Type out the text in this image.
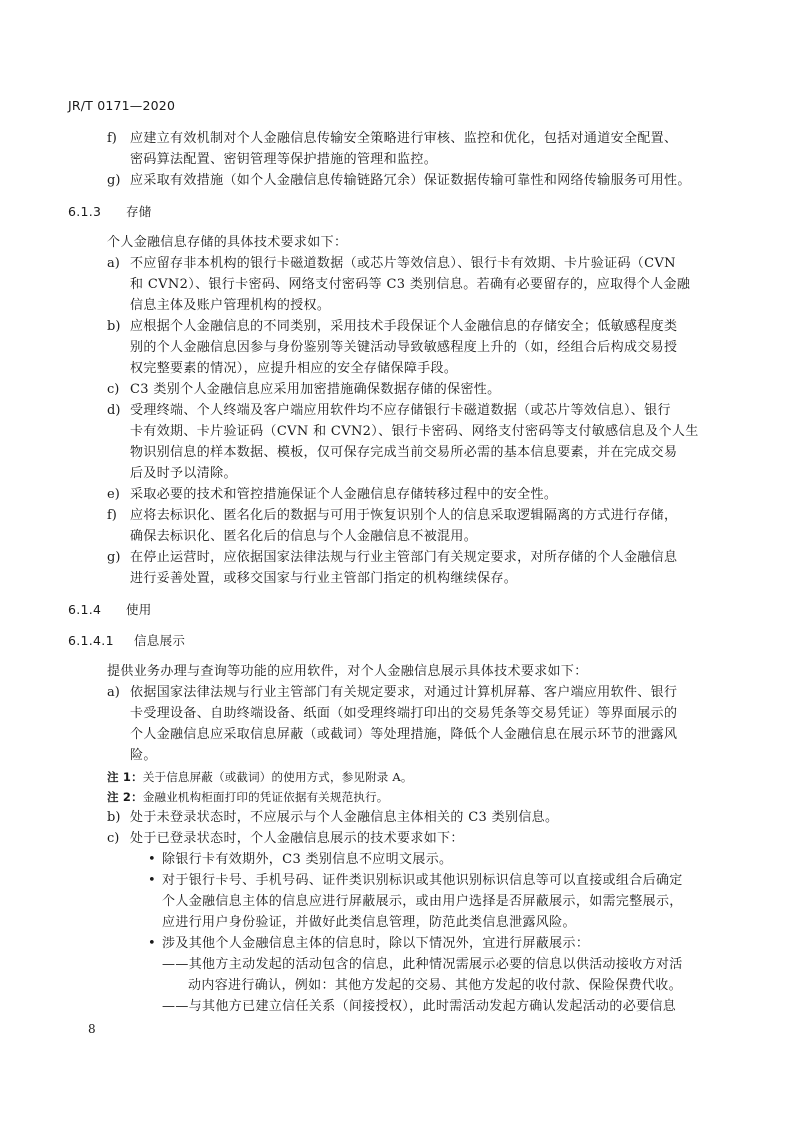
JR/T 0171—2020
f) 应建立有效机制对个人金融信息传输安全策略进行审核、监控和优化，包括对通道安全配置、
密码算法配置、密钥管理等保护措施的管理和监控。
g) 应采取有效措施（如个人金融信息传输链路冗余）保证数据传输可靠性和网络传输服务可用性。
6.1.3 存储
个人金融信息存储的具体技术要求如下：
a) 不应留存非本机构的银行卡磁道数据（或芯片等效信息）、银行卡有效期、卡片验证码（CVN
和 CVN2）、银行卡密码、网络支付密码等 C3 类别信息。若确有必要留存的，应取得个人金融
信息主体及账户管理机构的授权。
b) 应根据个人金融信息的不同类别，采用技术手段保证个人金融信息的存储安全；低敏感程度类
别的个人金融信息因参与身份鉴别等关键活动导致敏感程度上升的（如，经组合后构成交易授
权完整要素的情况），应提升相应的安全存储保障手段。
c) C3 类别个人金融信息应采用加密措施确保数据存储的保密性。
d) 受理终端、个人终端及客户端应用软件均不应存储银行卡磁道数据（或芯片等效信息）、银行
卡有效期、卡片验证码（CVN 和 CVN2）、银行卡密码、网络支付密码等支付敏感信息及个人生
物识别信息的样本数据、模板，仅可保存完成当前交易所必需的基本信息要素，并在完成交易
后及时予以清除。
e) 采取必要的技术和管控措施保证个人金融信息存储转移过程中的安全性。
f) 应将去标识化、匿名化后的数据与可用于恢复识别个人的信息采取逻辑隔离的方式进行存储，
确保去标识化、匿名化后的信息与个人金融信息不被混用。
g) 在停止运营时，应依据国家法律法规与行业主管部门有关规定要求，对所存储的个人金融信息
进行妥善处置，或移交国家与行业主管部门指定的机构继续保存。
6.1.4 使用
6.1.4.1 信息展示
提供业务办理与查询等功能的应用软件，对个人金融信息展示具体技术要求如下：
a) 依据国家法律法规与行业主管部门有关规定要求，对通过计算机屏幕、客户端应用软件、银行
卡受理设备、自助终端设备、纸面（如受理终端打印出的交易凭条等交易凭证）等界面展示的
个人金融信息应采取信息屏蔽（或截词）等处理措施，降低个人金融信息在展示环节的泄露风
险。
注 1：关于信息屏蔽（或截词）的使用方式，参见附录 A。
注 2：金融业机构柜面打印的凭证依据有关规范执行。
b) 处于未登录状态时，不应展示与个人金融信息主体相关的 C3 类别信息。
c) 处于已登录状态时，个人金融信息展示的技术要求如下：
• 除银行卡有效期外，C3 类别信息不应明文展示。
• 对于银行卡号、手机号码、证件类识别标识或其他识别标识信息等可以直接或组合后确定
个人金融信息主体的信息应进行屏蔽展示，或由用户选择是否屏蔽展示，如需完整展示，
应进行用户身份验证，并做好此类信息管理，防范此类信息泄露风险。
• 涉及其他个人金融信息主体的信息时，除以下情况外，宜进行屏蔽展示：
——其他方主动发起的活动包含的信息，此种情况需展示必要的信息以供活动接收方对活
动内容进行确认，例如：其他方发起的交易、其他方发起的收付款、保险保费代收。
——与其他方已建立信任关系（间接授权），此时需活动发起方确认发起活动的必要信息
8
